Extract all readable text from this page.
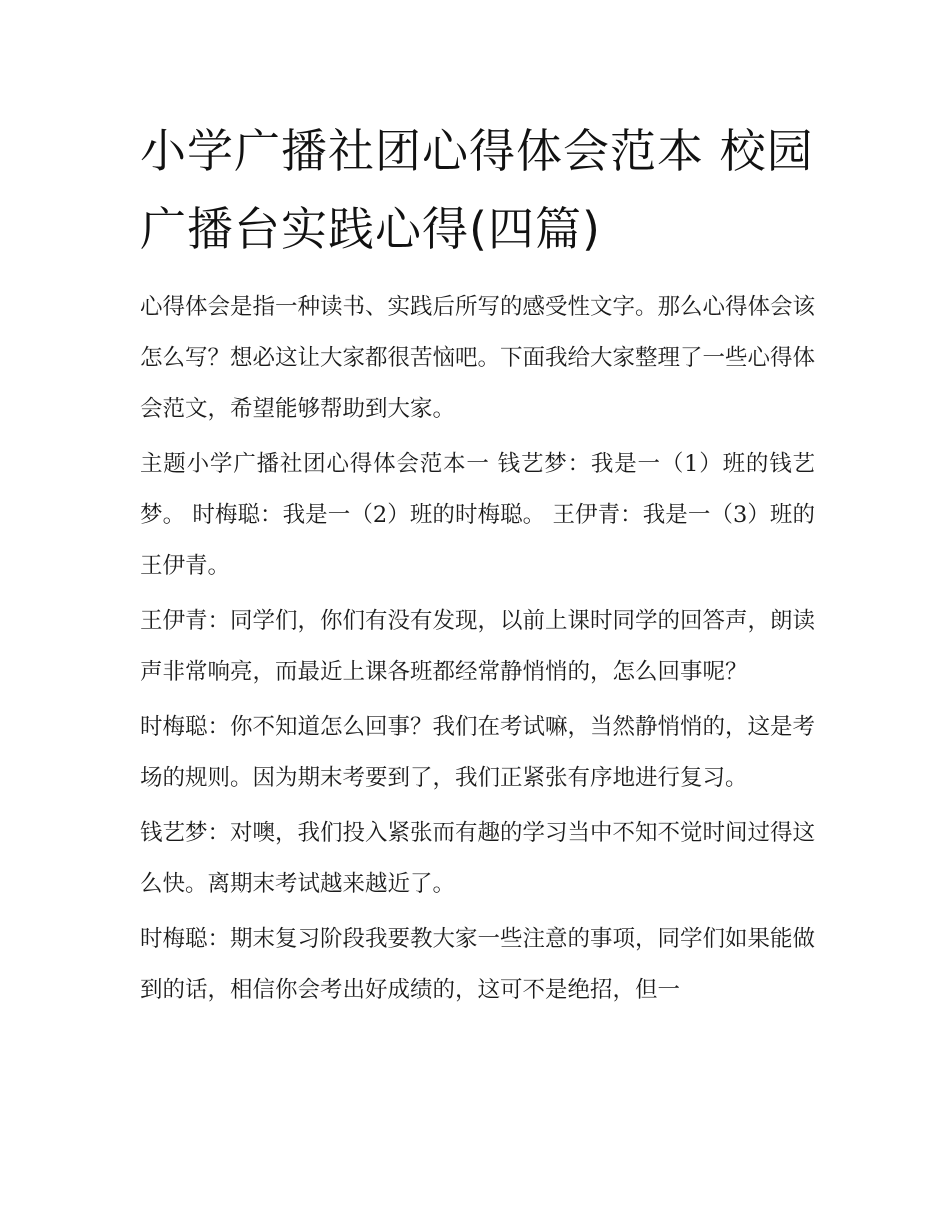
小学广播社团心得体会范本 校园广播台实践心得(四篇)

心得体会是指一种读书、实践后所写的感受性文字。那么心得体会该怎么写？想必这让大家都很苦恼吧。下面我给大家整理了一些心得体会范文，希望能够帮助到大家。

主题小学广播社团心得体会范本一 钱艺梦：我是一（1）班的钱艺梦。 时梅聪：我是一（2）班的时梅聪。 王伊青：我是一（3）班的王伊青。

王伊青：同学们，你们有没有发现，以前上课时同学的回答声，朗读声非常响亮，而最近上课各班都经常静悄悄的，怎么回事呢？

时梅聪：你不知道怎么回事？我们在考试嘛，当然静悄悄的，这是考场的规则。因为期末考要到了，我们正紧张有序地进行复习。

钱艺梦：对噢，我们投入紧张而有趣的学习当中不知不觉时间过得这么快。离期末考试越来越近了。

时梅聪：期末复习阶段我要教大家一些注意的事项，同学们如果能做到的话，相信你会考出好成绩的，这可不是绝招，但一
